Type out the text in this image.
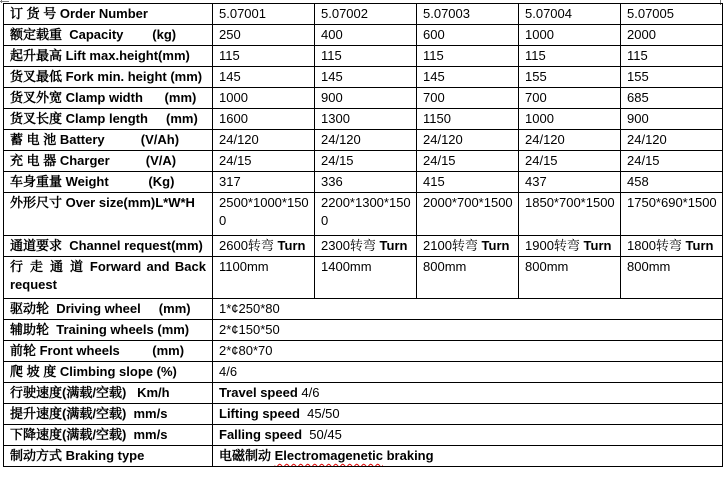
订 货 号 Order Number	5.07001	5.07002	5.07003	5.07004	5.07005
额定载重  Capacity        (kg)	250	400	600	1000	2000
起升最高 Lift max.height(mm)	115	115	115	115	115
货叉最低 Fork min. height (mm)	145	145	145	155	155
货叉外宽 Clamp width      (mm)	1000	900	700	700	685
货叉长度 Clamp length     (mm)	1600	1300	1150	1000	900
蓄 电 池 Battery          (V/Ah)	24/120	24/120	24/120	24/120	24/120
充 电 器 Charger          (V/A)	24/15	24/15	24/15	24/15	24/15
车身重量 Weight           (Kg)	317	336	415	437	458
外形尺寸 Over size(mm)L*W*H	2500*1000*1500	2200*1300*1500	2000*700*1500	1850*700*1500	1750*690*1500
通道要求  Channel request(mm)	2600转弯 Turn	2300转弯 Turn	2100转弯 Turn	1900转弯 Turn	1800转弯 Turn
行 走 通 道 Forward and Back request	1100mm	1400mm	800mm	800mm	800mm
驱动轮  Driving wheel     (mm)	1*¢250*80				
辅助轮  Training wheels (mm)	2*¢150*50				
前轮 Front wheels         (mm)	2*¢80*70				
爬 坡 度 Climbing slope (%)	4/6				
行驶速度(满载/空载)   Km/h	Travel speed 4/6				
提升速度(满载/空载)  mm/s	Lifting speed  45/50				
下降速度(满载/空载)  mm/s	Falling speed  50/45				
制动方式 Braking type	电磁制动 Electromagenetic braking				
